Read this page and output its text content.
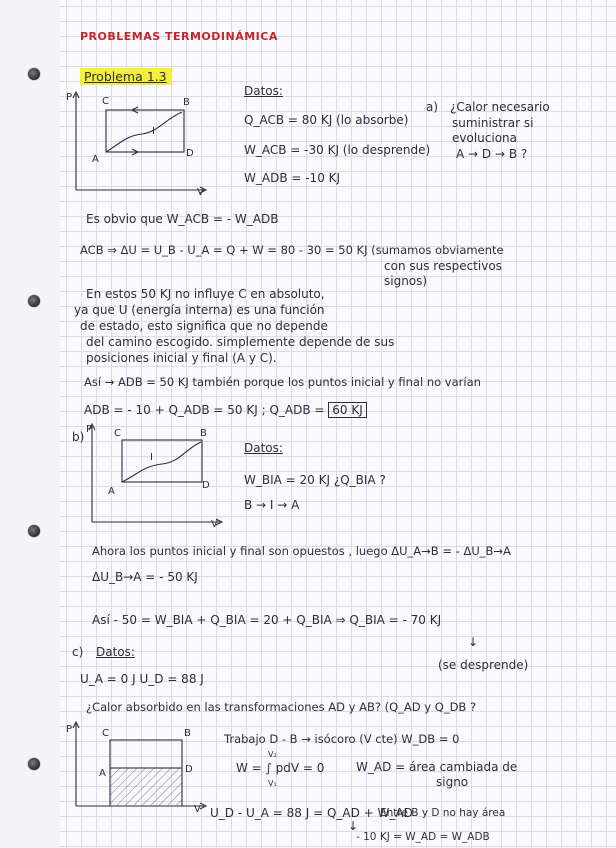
PROBLEMAS TERMODINÁMICA
Problema 1.3
P
V
C	B
A
D
I
Datos:
Q_ACB = 80 KJ (lo absorbe)
W_ACB = -30 KJ (lo desprende)
W_ADB = -10 KJ
a) ¿Calor necesario
suministrar si
evoluciona
A → D → B ?
Es obvio que W_ACB = - W_ADB
ACB ⇒ ΔU = U_B - U_A = Q + W = 80 - 30 = 50 KJ (sumamos obviamente
con sus respectivos
signos)
En estos 50 KJ no influye C en absoluto,
ya que U (energía interna) es una función
de estado, esto significa que no depende
del camino escogido. simplemente depende de sus
posiciones inicial y final (A y C).
Así → ADB = 50 KJ también porque los puntos inicial y final no varían
ADB = - 10 + Q_ADB = 50 KJ ; Q_ADB = 60 KJ
b)
P
V
C	B
A
D
I
Datos:
W_BIA = 20 KJ ¿Q_BIA ?
B → I → A
Ahora los puntos inicial y final son opuestos , luego ΔU_A→B = - ΔU_B→A
ΔU_B→A = - 50 KJ
Así - 50 = W_BIA + Q_BIA = 20 + Q_BIA ⇒ Q_BIA = - 70 KJ
↓
(se desprende)
c) Datos:
U_A = 0 J U_D = 88 J
¿Calor absorbido en las transformaciones AD y AB? (Q_AD y Q_DB ?
P
V
C	B
A	D
Trabajo D - B → isócoro (V cte) W_DB = 0
W = ∫ pdV = 0
V₂
V₁
W_AD = área cambiada de
signo
U_D - U_A = 88 J = Q_AD + W_AD
Entre B y D no hay área
↓
- 10 KJ = W_AD = W_ADB
